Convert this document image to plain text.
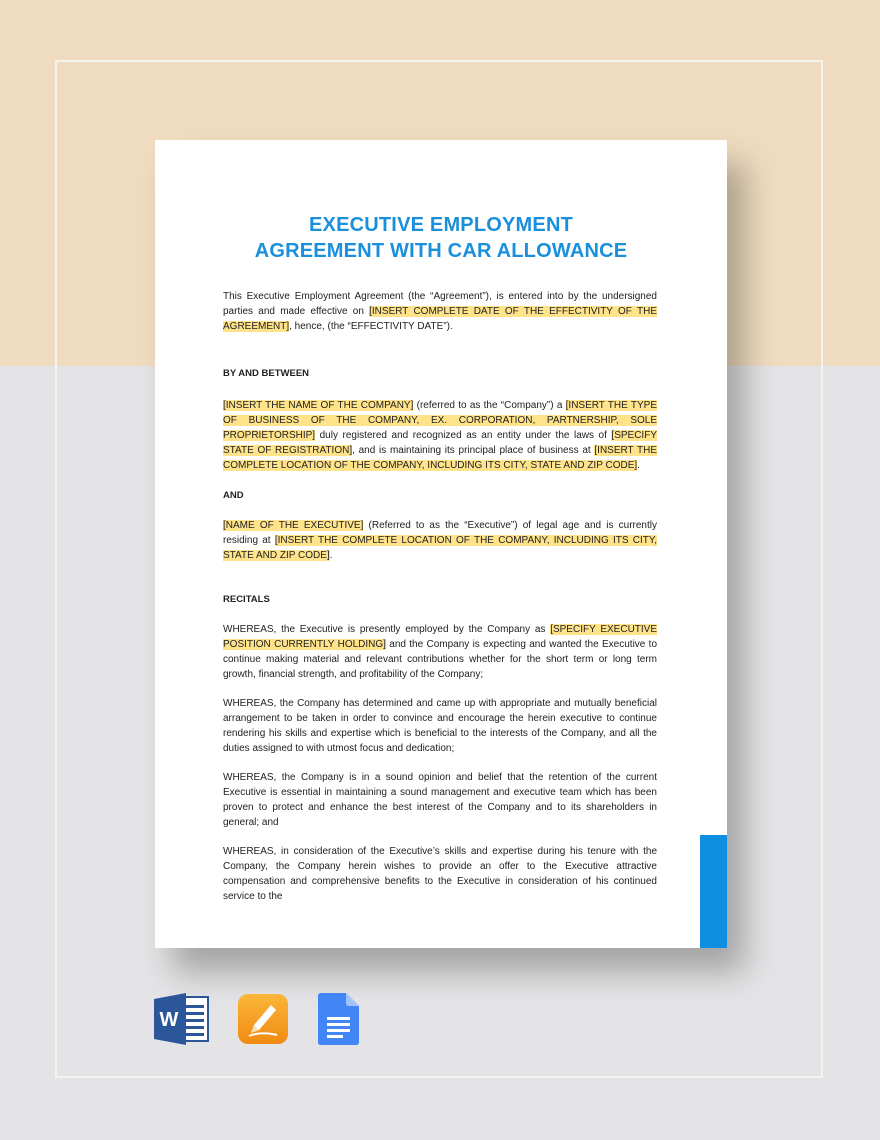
EXECUTIVE EMPLOYMENT
AGREEMENT WITH CAR ALLOWANCE

This Executive Employment Agreement (the “Agreement”), is entered into by the undersigned parties and made effective on [INSERT COMPLETE DATE OF THE EFFECTIVITY OF THE AGREEMENT], hence, (the “EFFECTIVITY DATE”).

BY AND BETWEEN

[INSERT THE NAME OF THE COMPANY] (referred to as the “Company”) a [INSERT THE TYPE OF BUSINESS OF THE COMPANY, EX. CORPORATION, PARTNERSHIP, SOLE PROPRIETORSHIP] duly registered and recognized as an entity under the laws of [SPECIFY STATE OF REGISTRATION], and is maintaining its principal place of business at [INSERT THE COMPLETE LOCATION OF THE COMPANY, INCLUDING ITS CITY, STATE AND ZIP CODE].

AND

[NAME OF THE EXECUTIVE] (Referred to as the “Executive”) of legal age and is currently residing at [INSERT THE COMPLETE LOCATION OF THE COMPANY, INCLUDING ITS CITY, STATE AND ZIP CODE].

RECITALS

WHEREAS, the Executive is presently employed by the Company as [SPECIFY EXECUTIVE POSITION CURRENTLY HOLDING] and the Company is expecting and wanted the Executive to continue making material and relevant contributions whether for the short term or long term growth, financial strength, and profitability of the Company;

WHEREAS, the Company has determined and came up with appropriate and mutually beneficial arrangement to be taken in order to convince and encourage the herein executive to continue rendering his skills and expertise which is beneficial to the interests of the Company, and all the duties assigned to with utmost focus and dedication;

WHEREAS, the Company is in a sound opinion and belief that the retention of the current Executive is essential in maintaining a sound management and executive team which has been proven to protect and enhance the best interest of the Company and to its shareholders in general; and

WHEREAS, in consideration of the Executive’s skills and expertise during his tenure with the Company, the Company herein wishes to provide an offer to the Executive attractive compensation and comprehensive benefits to the Executive in consideration of his continued service to the

W
